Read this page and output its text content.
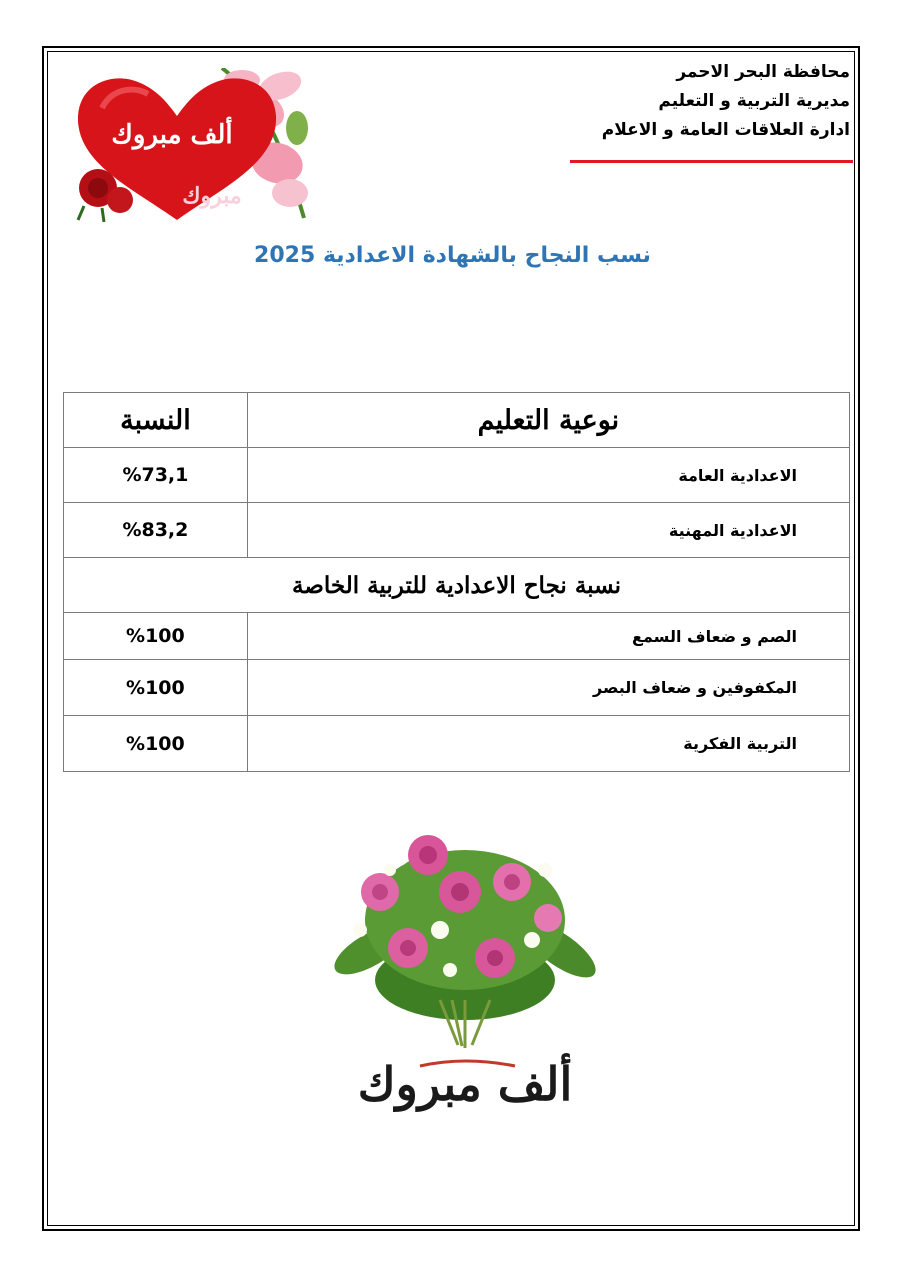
محافظة البحر الاحمر
مديرية التربية و التعليم
ادارة العلاقات العامة و الاعلام
ألف مبروك
مبروك
نسب النجاح بالشهادة الاعدادية 2025
نوعية التعليم	النسبة
الاعدادية العامة	%73,1
الاعدادية المهنية	%83,2
نسبة نجاح الاعدادية للتربية الخاصة	
الصم و ضعاف السمع	%100
المكفوفين و ضعاف البصر	%100
التربية الفكرية	%100
ألف مبروك
